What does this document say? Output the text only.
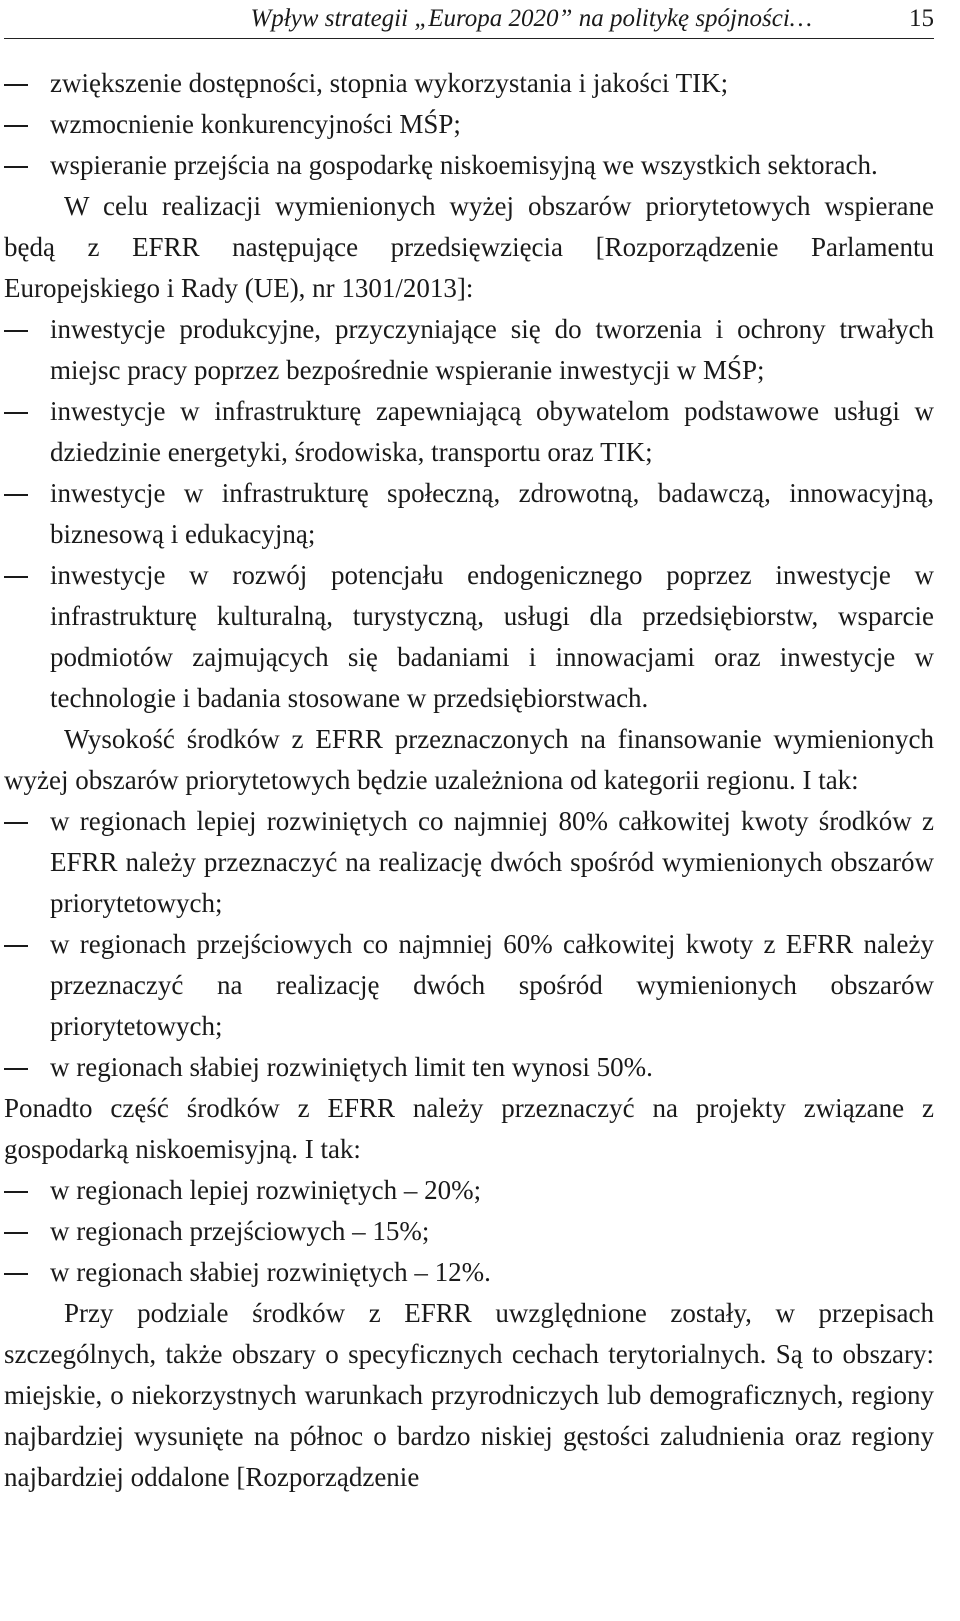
Wpływ strategii „Europa 2020” na politykę spójności…	15
zwiększenie dostępności, stopnia wykorzystania i jakości TIK;
wzmocnienie konkurencyjności MŚP;
wspieranie przejścia na gospodarkę niskoemisyjną we wszystkich sektorach.

W celu realizacji wymienionych wyżej obszarów priorytetowych wspierane będą z EFRR następujące przedsięwzięcia [Rozporządzenie Parlamentu Europejskiego i Rady (UE), nr 1301/2013]:

inwestycje produkcyjne, przyczyniające się do tworzenia i ochrony trwałych miejsc pracy poprzez bezpośrednie wspieranie inwestycji w MŚP;
inwestycje w infrastrukturę zapewniającą obywatelom podstawowe usługi w dziedzinie energetyki, środowiska, transportu oraz TIK;
inwestycje w infrastrukturę społeczną, zdrowotną, badawczą, innowacyjną, biznesową i edukacyjną;
inwestycje w rozwój potencjału endogenicznego poprzez inwestycje w infrastrukturę kulturalną, turystyczną, usługi dla przedsiębiorstw, wsparcie podmiotów zajmujących się badaniami i innowacjami oraz inwestycje w technologie i badania stosowane w przedsiębiorstwach.

Wysokość środków z EFRR przeznaczonych na finansowanie wymienionych wyżej obszarów priorytetowych będzie uzależniona od kategorii regionu. I tak:

w regionach lepiej rozwiniętych co najmniej 80% całkowitej kwoty środków z EFRR należy przeznaczyć na realizację dwóch spośród wymienionych obszarów priorytetowych;
w regionach przejściowych co najmniej 60% całkowitej kwoty z EFRR należy przeznaczyć na realizację dwóch spośród wymienionych obszarów priorytetowych;
w regionach słabiej rozwiniętych limit ten wynosi 50%.

Ponadto część środków z EFRR należy przeznaczyć na projekty związane z gospodarką niskoemisyjną. I tak:

w regionach lepiej rozwiniętych – 20%;
w regionach przejściowych – 15%;
w regionach słabiej rozwiniętych – 12%.

Przy podziale środków z EFRR uwzględnione zostały, w przepisach szczególnych, także obszary o specyficznych cechach terytorialnych. Są to obszary: miejskie, o niekorzystnych warunkach przyrodniczych lub demograficznych, regiony najbardziej wysunięte na północ o bardzo niskiej gęstości zaludnienia oraz regiony najbardziej oddalone [Rozporządzenie
